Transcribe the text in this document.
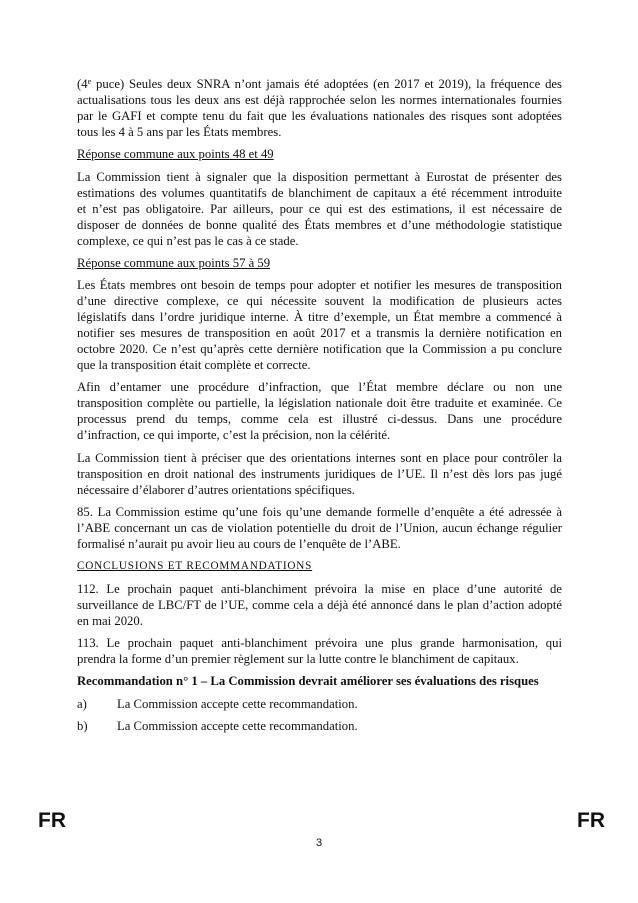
(4e puce) Seules deux SNRA n’ont jamais été adoptées (en 2017 et 2019), la fréquence des
actualisations tous les deux ans est déjà rapprochée selon les normes internationales fournies
par le GAFI et compte tenu du fait que les évaluations nationales des risques sont adoptées
tous les 4 à 5 ans par les États membres.
Réponse commune aux points 48 et 49
La Commission tient à signaler que la disposition permettant à Eurostat de présenter des
estimations des volumes quantitatifs de blanchiment de capitaux a été récemment introduite
et n’est pas obligatoire. Par ailleurs, pour ce qui est des estimations, il est nécessaire de
disposer de données de bonne qualité des États membres et d’une méthodologie statistique
complexe, ce qui n’est pas le cas à ce stade.
Réponse commune aux points 57 à 59
Les États membres ont besoin de temps pour adopter et notifier les mesures de transposition
d’une directive complexe, ce qui nécessite souvent la modification de plusieurs actes
législatifs dans l’ordre juridique interne. À titre d’exemple, un État membre a commencé à
notifier ses mesures de transposition en août 2017 et a transmis la dernière notification en
octobre 2020. Ce n’est qu’après cette dernière notification que la Commission a pu conclure
que la transposition était complète et correcte.
Afin d’entamer une procédure d’infraction, que l’État membre déclare ou non une
transposition complète ou partielle, la législation nationale doit être traduite et examinée. Ce
processus prend du temps, comme cela est illustré ci-dessus. Dans une procédure
d’infraction, ce qui importe, c’est la précision, non la célérité.
La Commission tient à préciser que des orientations internes sont en place pour contrôler la
transposition en droit national des instruments juridiques de l’UE. Il n’est dès lors pas jugé
nécessaire d’élaborer d’autres orientations spécifiques.
85. La Commission estime qu’une fois qu’une demande formelle d’enquête a été adressée à
l’ABE concernant un cas de violation potentielle du droit de l’Union, aucun échange régulier
formalisé n’aurait pu avoir lieu au cours de l’enquête de l’ABE.
CONCLUSIONS ET RECOMMANDATIONS
112. Le prochain paquet anti-blanchiment prévoira la mise en place d’une autorité de
surveillance de LBC/FT de l’UE, comme cela a déjà été annoncé dans le plan d’action adopté
en mai 2020.
113. Le prochain paquet anti-blanchiment prévoira une plus grande harmonisation, qui
prendra la forme d’un premier règlement sur la lutte contre le blanchiment de capitaux.
Recommandation n° 1 – La Commission devrait améliorer ses évaluations des risques
a) La Commission accepte cette recommandation.
b) La Commission accepte cette recommandation.
FR	FR
3
